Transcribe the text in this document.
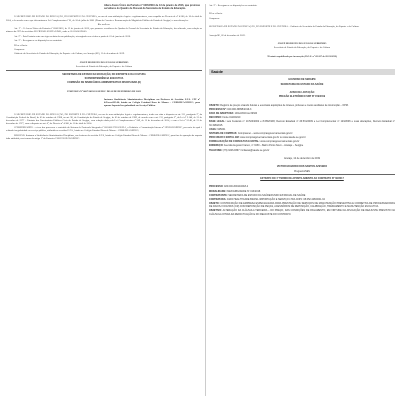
Altera Anexo Único da Portaria nº 0245/2016 de 13 de janeiro de 2016, que promove servidores do Quadro de Pessoal da Secretaria de Estado da Educação.

O SECRETÁRIO DE ESTADO DA EDUCAÇÃO, DO ESPORTE E DA CULTURA, no uso de suas atribuições legais e regulamentares, com respaldo no Decreto de nº 4.300, de 10 de abril de 2014, e de acordo com o que determinam a Lei Complementar nº 61, de 10 de julho de 2001 (Plano de Carreira e Remuneração do Magistério Público do Estado de Sergipe) e suas alterações.

R e s o l v e:

Art. 1º – O Anexo Único da Portaria nº 0245/2016, de 13 de janeiro de 2016, que promove servidores do Quadro de Pessoal da Secretaria de Estado da Educação, fica alterado, com relação ao número da CPF da servidora LUCIELMA SOUZA LIMA, onde se lê 011456190/05.

Art. 2º – Esta Portaria entra em vigor na data da sua publicação, retroagindo seus efeitos a partir de 01 de janeiro de 2016.

Art. 3º – Revogam-se as disposições em contrário.

Dê-se ciência.

Cumpra-se.

Gabinete do Secretário de Estado da Educação, do Esporte e da Cultura, em Aracaju (SE), 11 de dezembro de 2019.

JOSUÉ MODESTO DOS PASSOS SUBRINHO

Secretário de Estado da Educação, do Esporte e da Cultura

SECRETARIA DE ESTADO DA EDUCAÇÃO, DO ESPORTE E DA CULTURA

SUPERINTENDÊNCIA EXECUTIVA

COMISSÃO DE SINDICÂNCIA ADMINISTRATIVA DISCIPLINAR-(II)

PORTARIA Nº 0667/2019/GS/SEDUC DE 02 DE DEZEMBRO DE 2019

Instaura Sindicância Administrativa Disciplinar em Desfavor de Servidor E.F.S. CPF nº 445.xxx.095-00, lotado no Colégio Estadual Rosa de Moura – CEBR/DEA/SEDUC, para apurar Suposta Irregularidade no Serviço Público.

O SECRETÁRIO DE ESTADO DA EDUCAÇÃO, DO ESPORTE E DA CULTURA, no uso de suas atribuições legais e regulamentares, tendo em vista o disposto no art. 211, parágrafo 2º, da Constituição Federal do Brasil, de 05 de outubro de 1988, no art. 90, da Constituição do Estado de Sergipe, de 05 de outubro de 1989, de acordo com o art. 211, parágrafo 2º, da Lei nº 2.148, de 21 de dezembro de 1977 – Estatuto dos Funcionários Públicos Civis do Estado de Sergipe, com redação dada pela Lei Complementar nº 249, de 15 de dezembro de 2014, e com a Lei nº 2.148, de 21 de dezembro de 1977, com o disposto no art. 4º, do Decreto nº 4.300, de 10 de abril de 2014.

CONSIDERANDO – o teor dos processos e conteúdo do Sistema de Protocolo Integrado nº 016.000.27216/2019-1, o Relatório e Comunicação Interna nº 399/2019/SEDUC, por meio do qual é relatado irregularidade no serviço público, atribuída ao servidor E.F.S., lotado no Colégio Estadual Rosa de Moura – CEBR/DEA/SEDUC;

RESOLVE: Instaurar a Sindicância Administrativa Disciplinar, em desfavor do servidor E.F.S, lotado no Colégio Estadual Rosa de Moura – CEBR/DEA/SEDUC, para fins de apuração da suposta falta atribuída, nos termos do artigo 1º da Portaria nº 0667/2019/GS/SEDUC.

Art. 3º – Revogam-se as disposições em contrário.

Dê-se ciência.

Cumpra-se.

SECRETARIA DE ESTADO DA EDUCAÇÃO, DO ESPORTE E DA CULTURA – Gabinete do Secretário de Estado da Educação, do Esporte e da Cultura.

Aracaju/SE, 02 de dezembro de 2019.

JOSUÉ MODESTO DOS PASSOS SUBRINHO

Secretário de Estado da Educação, do Esporte e da Cultura

*Portaria republicada por incorreção (D.O.E. nº 28.327 de 05/12/2019)

Saúde

GOVERNO DE SERGIPE

SECRETARIA DE ESTADO DA SAÚDE

AVISO DE LICITAÇÃO

PREGÃO ELETRÔNICO SRP Nº 159/2019

OBJETO: Registro de preços visando futuras e eventuais aquisições de órteses, próteses e meios auxiliares de locomoção – OPM.

PROCESSO Nº: 020.000.39895/2019-3

DATA DE ABERTURA: 19/12/2019 às 09h00

RECURSO: Fonte 0110/0210

BASE LEGAL: Leis Federais nº 10.520/2002 e 8.666/1993; Decreto Estadual nº 26.531/2009 e Lei Complementar nº 123/2006 e suas alterações, Decreto Estadual nº 30.198/2015.

UASG: 925001

SISTEMA DE COMPRAS: Comprasnet – www.comprasgovernamentais.gov.br

PROCURAR O EDITAL EM: www.comprasgovernamentais.gov.br ou www.saude.se.gov.br

FORMALIZAÇÃO DE CONSULTAS E EDITAL: www.comprasgovernamentais.gov.br

ENDEREÇO: Avenida Augusto Franco, nº 3150 – Bairro Ponto Novo – Aracaju – Sergipe

TELEFONE: (79) 3226-8397 / licitacao@saude.se.gov.br

Aracaju, 12 de dezembro de 2019

VICTOR EDUARDO DOS SANTOS AZEVEDO

Pregoeiro/SES

EXTRATO DO 1º TERMO DE APOSTILAMENTO AO CONTRATO Nº 36/2017

PROCESSO: 020.000.20944/2018-2

MODALIDADE: INEXIGIBILIDADE Nº 013/2018

CONTRATANTE: SECRETARIA DE ESTADO DA SAÚDE/FUNDO ESTADUAL DE SAÚDE

CONTRATADA: ASPA HEALTHCARE BRASIL IMPORTAÇÃO E SERVIÇO LTDA CNPJ: 08.052.428/0001-34

OBJETO: CONTRATAÇÃO DE EMPRESA ESPECIALIZADA PARA PRESTAÇÃO DE SERVIÇOS DE MANUTENÇÃO PREVENTIVA E CORRETIVA DE PROCESSADORAS DE RAIOS-X DIGITAIS (CR) COM REPOSIÇÃO DE PEÇAS, ACESSÓRIOS DE REPOSIÇÃO, CALIBRAÇÃO, TREINAMENTO E MANUTENÇÃO EVOLUTIVA.

OBJETIVO: ALTERAÇÃO DA CLÁUSULA TERCEIRA – DO PREÇO, DAS CONDIÇÕES DE PAGAMENTO, EM VIRTUDE DA APLICAÇÃO DE REAJUSTE PREVISTO NA CLÁUSULA OITAVA DA REPACTUAÇÃO E DO REAJUSTE DO CONTRATO.
